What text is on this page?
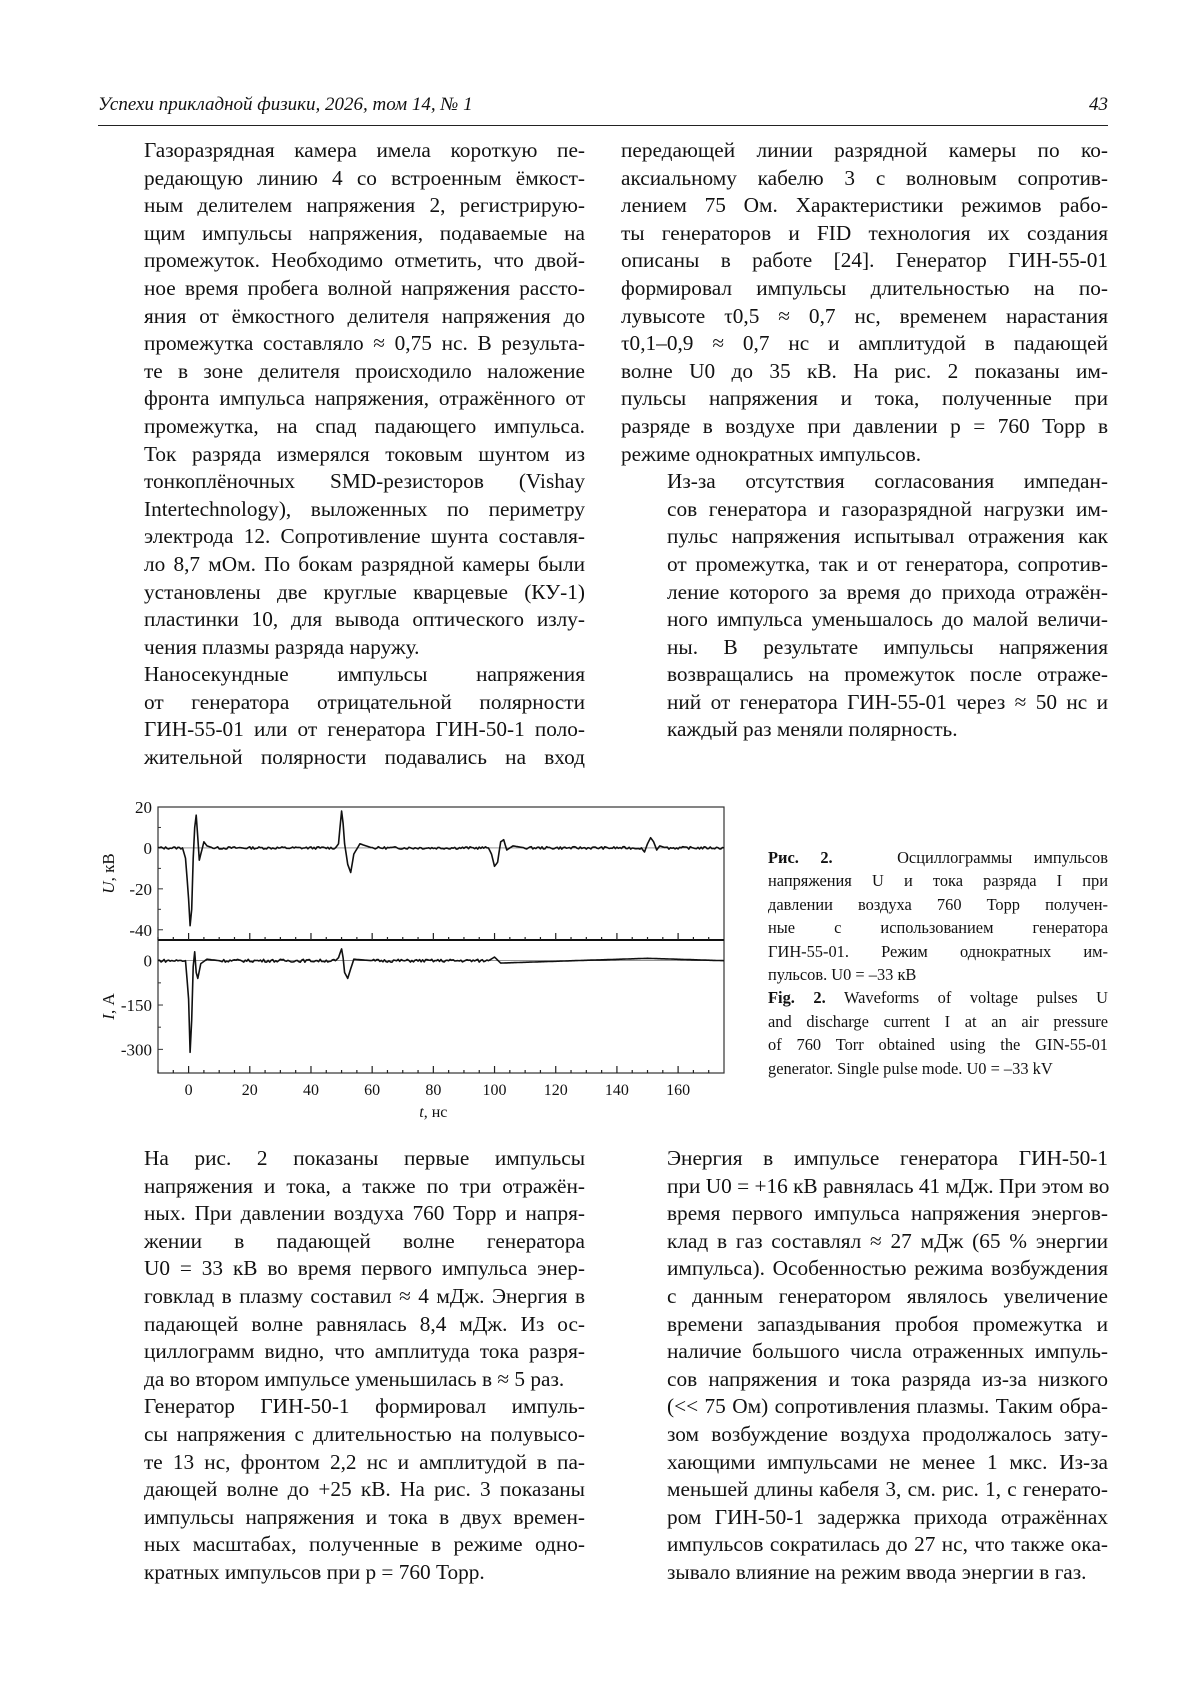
Успехи прикладной физики, 2026, том 14, № 1	43

Газоразрядная камера имела короткую пе-
редающую линию 4 со встроенным ёмкост-
ным делителем напряжения 2, регистрирую-
щим импульсы напряжения, подаваемые на
промежуток. Необходимо отметить, что двой-
ное время пробега волной напряжения рассто-
яния от ёмкостного делителя напряжения до
промежутка составляло ≈ 0,75 нс. В результа-
те в зоне делителя происходило наложение
фронта импульса напряжения, отражённого от
промежутка, на спад падающего импульса.
Ток разряда измерялся токовым шунтом из
тонкоплёночных SMD-резисторов (Vishay
Intertechnology), выложенных по периметру
электрода 12. Сопротивление шунта составля-
ло 8,7 мОм. По бокам разрядной камеры были
установлены две круглые кварцевые (КУ-1)
пластинки 10, для вывода оптического излу-
чения плазмы разряда наружу.

Наносекундные импульсы напряжения
от генератора отрицательной полярности
ГИН-55-01 или от генератора ГИН-50-1 поло-
жительной полярности подавались на вход

передающей линии разрядной камеры по ко-
аксиальному кабелю 3 с волновым сопротив-
лением 75 Ом. Характеристики режимов рабо-
ты генераторов и FID технология их создания
описаны в работе [24]. Генератор ГИН-55-01
формировал импульсы длительностью на по-
лувысоте τ0,5 ≈ 0,7 нс, временем нарастания
τ0,1–0,9 ≈ 0,7 нс и амплитудой в падающей
волне U0 до 35 кВ. На рис. 2 показаны им-
пульсы напряжения и тока, полученные при
разряде в воздухе при давлении p = 760 Торр в
режиме однократных импульсов.

Из-за отсутствия согласования импедан-
сов генератора и газоразрядной нагрузки им-
пульс напряжения испытывал отражения как
от промежутка, так и от генератора, сопротив-
ление которого за время до прихода отражён-
ного импульса уменьшалось до малой величи-
ны. В результате импульсы напряжения
возвращались на промежуток после отраже-
ний от генератора ГИН-55-01 через ≈ 50 нс и
каждый раз меняли полярность.

20
0
-20
-40
U, кВ
0
-150
-300
I, А
0	20	40	60	80	100 120 140 160
t, нс
Рис. 2.	Осциллограммы импульсов
напряжения U и тока разряда I при
давлении воздуха 760 Торр получен-
ные с использованием генератора
ГИН-55-01. Режим однократных им-
пульсов. U0 = –33 кВ
Fig. 2. Waveforms of voltage pulses U
and discharge current I at an air pressure
of 760 Torr obtained using the GIN-55-01
generator. Single pulse mode. U0 = –33 kV

На рис. 2 показаны первые импульсы
напряжения и тока, а также по три отражён-
ных. При давлении воздуха 760 Торр и напря-
жении в падающей волне генератора
U0 = 33 кВ во время первого импульса энер-
говклад в плазму составил ≈ 4 мДж. Энергия в
падающей волне равнялась 8,4 мДж. Из ос-
циллограмм видно, что амплитуда тока разря-
да во втором импульсе уменьшилась в ≈ 5 раз.

Генератор ГИН-50-1 формировал импуль-
сы напряжения с длительностью на полувысо-
те 13 нс, фронтом 2,2 нс и амплитудой в па-
дающей волне до +25 кВ. На рис. 3 показаны
импульсы напряжения и тока в двух времен-
ных масштабах, полученные в режиме одно-
кратных импульсов при p = 760 Торр.

Энергия в импульсе генератора ГИН-50-1
при U0 = +16 кВ равнялась 41 мДж. При этом во
время первого импульса напряжения энергов-
клад в газ составлял ≈ 27 мДж (65 % энергии
импульса). Особенностью режима возбуждения
с данным генератором являлось увеличение
времени запаздывания пробоя промежутка и
наличие большого числа отраженных импуль-
сов напряжения и тока разряда из-за низкого
(<< 75 Ом) сопротивления плазмы. Таким обра-
зом возбуждение воздуха продолжалось зату-
хающими импульсами не менее 1 мкс. Из-за
меньшей длины кабеля 3, см. рис. 1, с генерато-
ром ГИН-50-1 задержка прихода отражённах
импульсов сократилась до 27 нс, что также ока-
зывало влияние на режим ввода энергии в газ.
